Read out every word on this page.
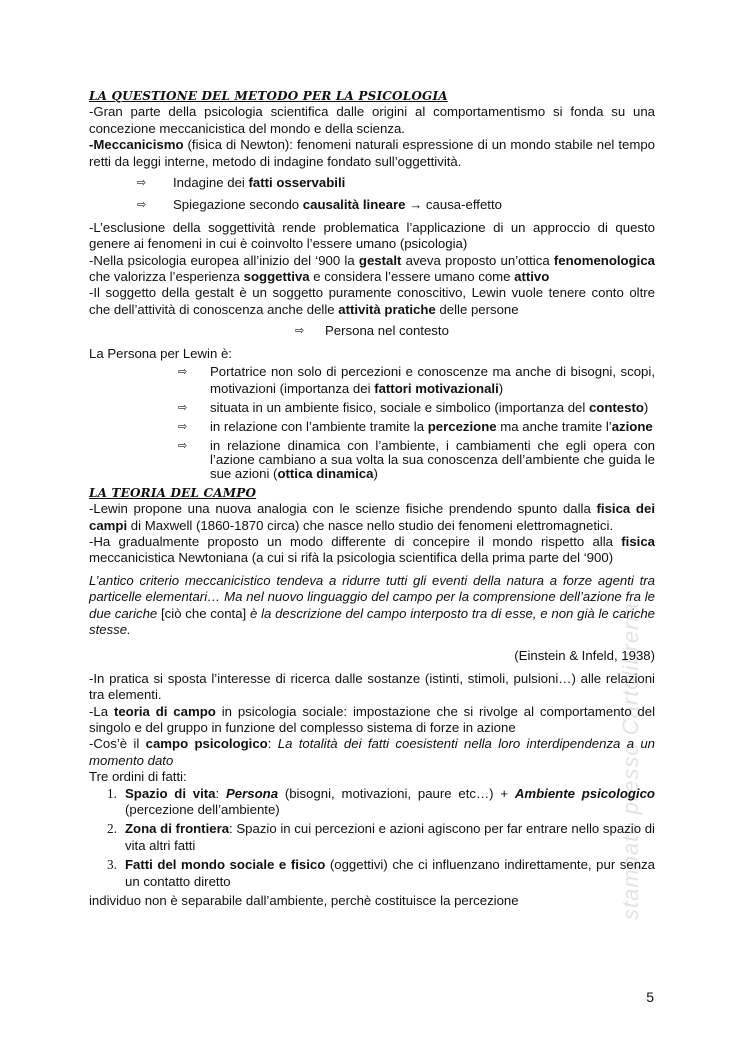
stampato presso Cartolibreria

LA QUESTIONE DEL METODO PER LA PSICOLOGIA

-Gran parte della psicologia scientifica dalle origini al comportamentismo si fonda su una concezione meccanicistica del mondo e della scienza.

-Meccanicismo (fisica di Newton): fenomeni naturali espressione di un mondo stabile nel tempo retti da leggi interne, metodo di indagine fondato sull’oggettività.

⇨ Indagine dei fatti osservabili
⇨ Spiegazione secondo causalità lineare → causa-effetto

-L’esclusione della soggettività rende problematica l’applicazione di un approccio di questo genere ai fenomeni in cui è coinvolto l’essere umano (psicologia)

-Nella psicologia europea all’inizio del ‘900 la gestalt aveva proposto un’ottica fenomenologica che valorizza l’esperienza soggettiva e considera l’essere umano come attivo

-Il soggetto della gestalt è un soggetto puramente conoscitivo, Lewin vuole tenere conto oltre che dell’attività di conoscenza anche delle attività pratiche delle persone

⇨ Persona nel contesto

La Persona per Lewin è:

⇨ Portatrice non solo di percezioni e conoscenze ma anche di bisogni, scopi, motivazioni (importanza dei fattori motivazionali)
⇨ situata in un ambiente fisico, sociale e simbolico (importanza del contesto)
⇨ in relazione con l’ambiente tramite la percezione ma anche tramite l’azione
⇨ in relazione dinamica con l’ambiente, i cambiamenti che egli opera con l’azione cambiano a sua volta la sua conoscenza dell’ambiente che guida le sue azioni (ottica dinamica)

LA TEORIA DEL CAMPO

-Lewin propone una nuova analogia con le scienze fisiche prendendo spunto dalla fisica dei campi di Maxwell (1860-1870 circa) che nasce nello studio dei fenomeni elettromagnetici.

-Ha gradualmente proposto un modo differente di concepire il mondo rispetto alla fisica meccanicistica Newtoniana (a cui si rifà la psicologia scientifica della prima parte del ‘900)

L’antico criterio meccanicistico tendeva a ridurre tutti gli eventi della natura a forze agenti tra particelle elementari… Ma nel nuovo linguaggio del campo per la comprensione dell’azione fra le due cariche [ciò che conta] è la descrizione del campo interposto tra di esse, e non già le cariche stesse.

(Einstein & Infeld, 1938)

-In pratica si sposta l’interesse di ricerca dalle sostanze (istinti, stimoli, pulsioni…) alle relazioni tra elementi.

-La teoria di campo in psicologia sociale: impostazione che si rivolge al comportamento del singolo e del gruppo in funzione del complesso sistema di forze in azione

-Cos’è il campo psicologico: La totalità dei fatti coesistenti nella loro interdipendenza a un momento dato

Tre ordini di fatti:

1. Spazio di vita: Persona (bisogni, motivazioni, paure etc…) + Ambiente psicologico (percezione dell’ambiente)
2. Zona di frontiera: Spazio in cui percezioni e azioni agiscono per far entrare nello spazio di vita altri fatti
3. Fatti del mondo sociale e fisico (oggettivi) che ci influenzano indirettamente, pur senza un contatto diretto

individuo non è separabile dall’ambiente, perchè costituisce la percezione

5
